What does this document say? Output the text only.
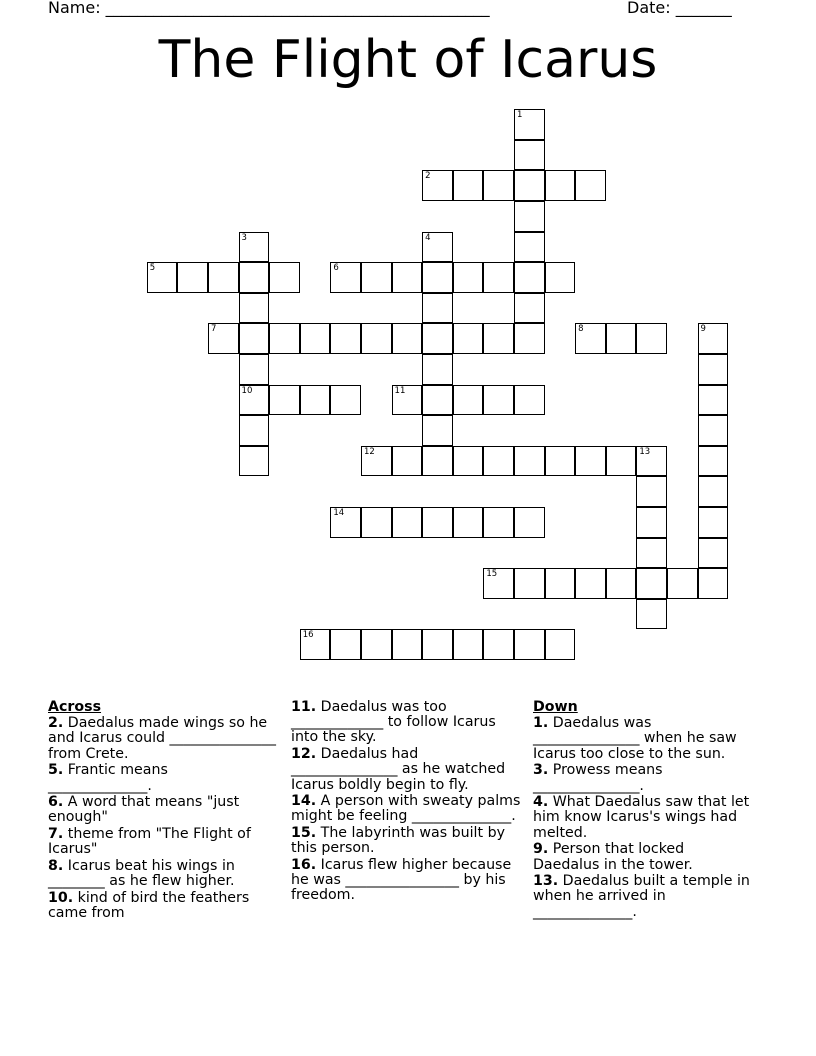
Name: ________________________________________________	Date: _______
The Flight of Icarus
1
2
3
10
4
5	6
7	8	9
11
12	13
14
15
16
Across
2. Daedalus made wings so he and Icarus could _______________ from Crete.
5. Frantic means ______________.
6. A word that means "just enough"
7. theme from "The Flight of Icarus"
8. Icarus beat his wings in ________ as he flew higher.
10. kind of bird the feathers came from
11. Daedalus was too _____________ to follow Icarus into the sky.
12. Daedalus had _______________ as he watched Icarus boldly begin to fly.
14. A person with sweaty palms might be feeling ______________.
15. The labyrinth was built by this person.
16. Icarus flew higher because he was ________________ by his freedom.
Down
1. Daedalus was _______________ when he saw Icarus too close to the sun.
3. Prowess means _______________.
4. What Daedalus saw that let him know Icarus's wings had melted.
9. Person that locked Daedalus in the tower.
13. Daedalus built a temple in when he arrived in ______________.
